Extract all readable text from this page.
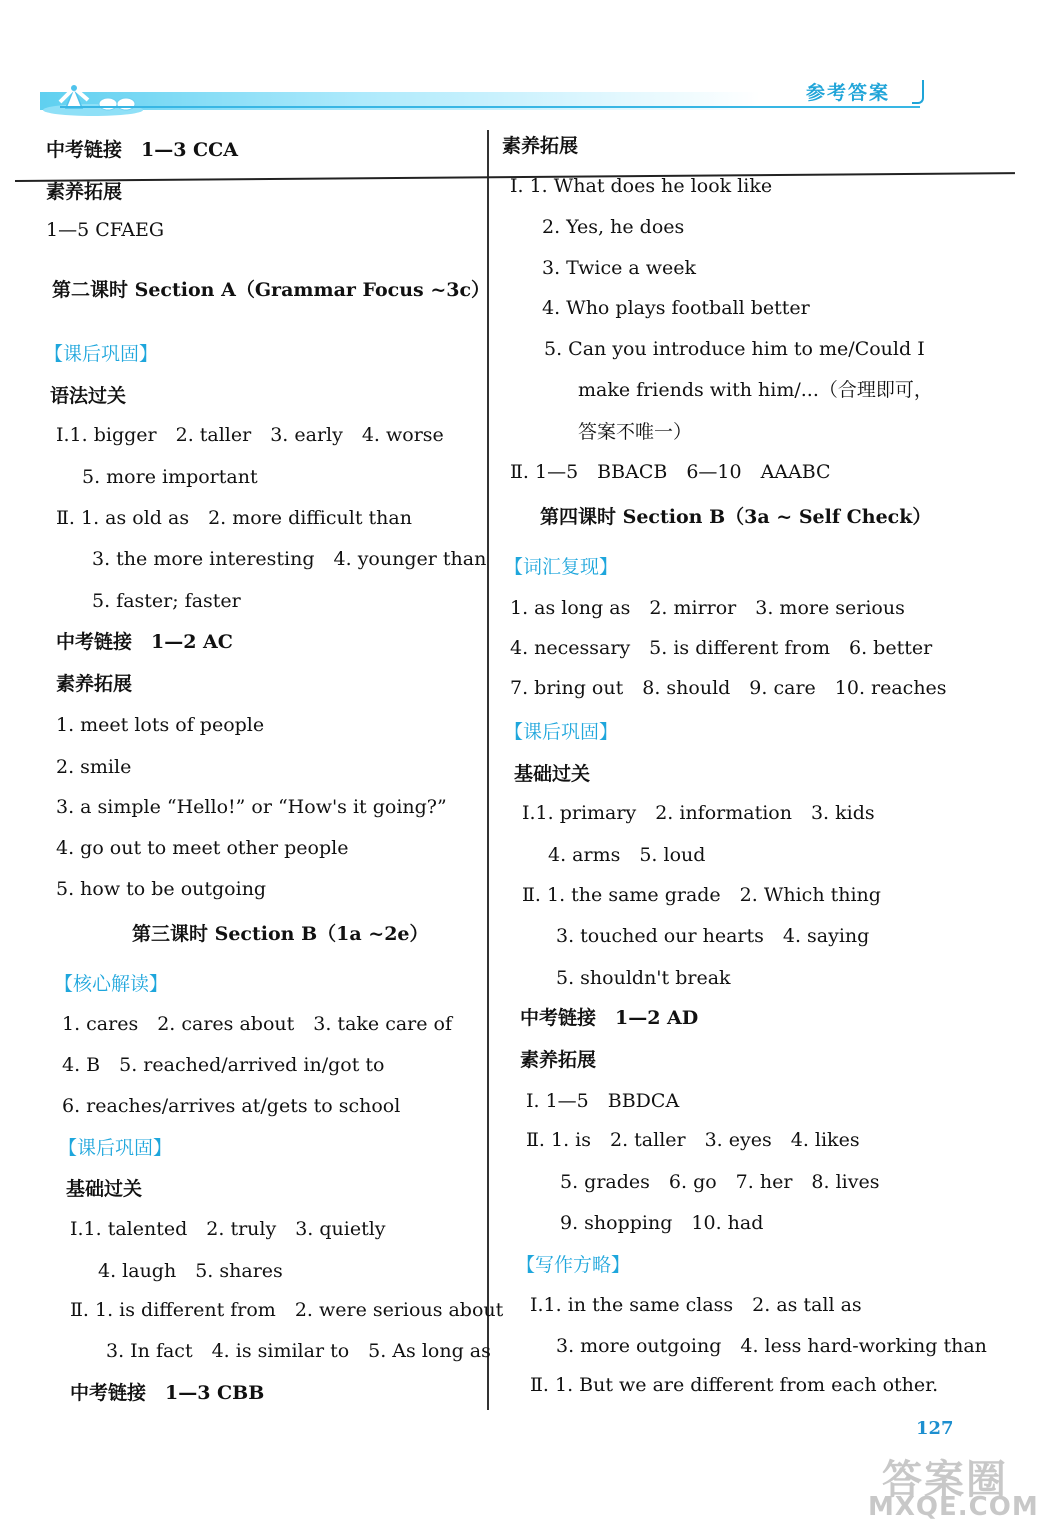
参考答案
中考链接　1—3 CCA
素养拓展
1—5 CFAEG
第二课时 Section A（Grammar Focus ~3c）
【课后巩固】
语法过关
Ⅰ.1. bigger　2. taller　3. early　4. worse
5. more important
Ⅱ. 1. as old as　2. more difficult than
3. the more interesting　4. younger than
5. faster; faster
中考链接　1—2 AC
素养拓展
1. meet lots of people
2. smile
3. a simple “Hello!” or “How's it going?”
4. go out to meet other people
5. how to be outgoing
第三课时 Section B（1a ~2e）
【核心解读】
1. cares　2. cares about　3. take care of
4. B　5. reached/arrived in/got to
6. reaches/arrives at/gets to school
【课后巩固】
基础过关
Ⅰ.1. talented　2. truly　3. quietly
4. laugh　5. shares
Ⅱ. 1. is different from　2. were serious about
3. In fact　4. is similar to　5. As long as
中考链接　1—3 CBB
素养拓展
Ⅰ. 1. What does he look like
2. Yes, he does
3. Twice a week
4. Who plays football better
5. Can you introduce him to me/Could I
make friends with him/...（合理即可，
答案不唯一）
Ⅱ. 1—5　BBACB　6—10　AAABC
第四课时 Section B（3a ~ Self Check）
【词汇复现】
1. as long as　2. mirror　3. more serious
4. necessary　5. is different from　6. better
7. bring out　8. should　9. care　10. reaches
【课后巩固】
基础过关
Ⅰ.1. primary　2. information　3. kids
4. arms　5. loud
Ⅱ. 1. the same grade　2. Which thing
3. touched our hearts　4. saying
5. shouldn't break
中考链接　1—2 AD
素养拓展
Ⅰ. 1—5　BBDCA
Ⅱ. 1. is　2. taller　3. eyes　4. likes
5. grades　6. go　7. her　8. lives
9. shopping　10. had
【写作方略】
Ⅰ.1. in the same class　2. as tall as
3. more outgoing　4. less hard-working than
Ⅱ. 1. But we are different from each other.
127
答案圈
MXQE.COM
